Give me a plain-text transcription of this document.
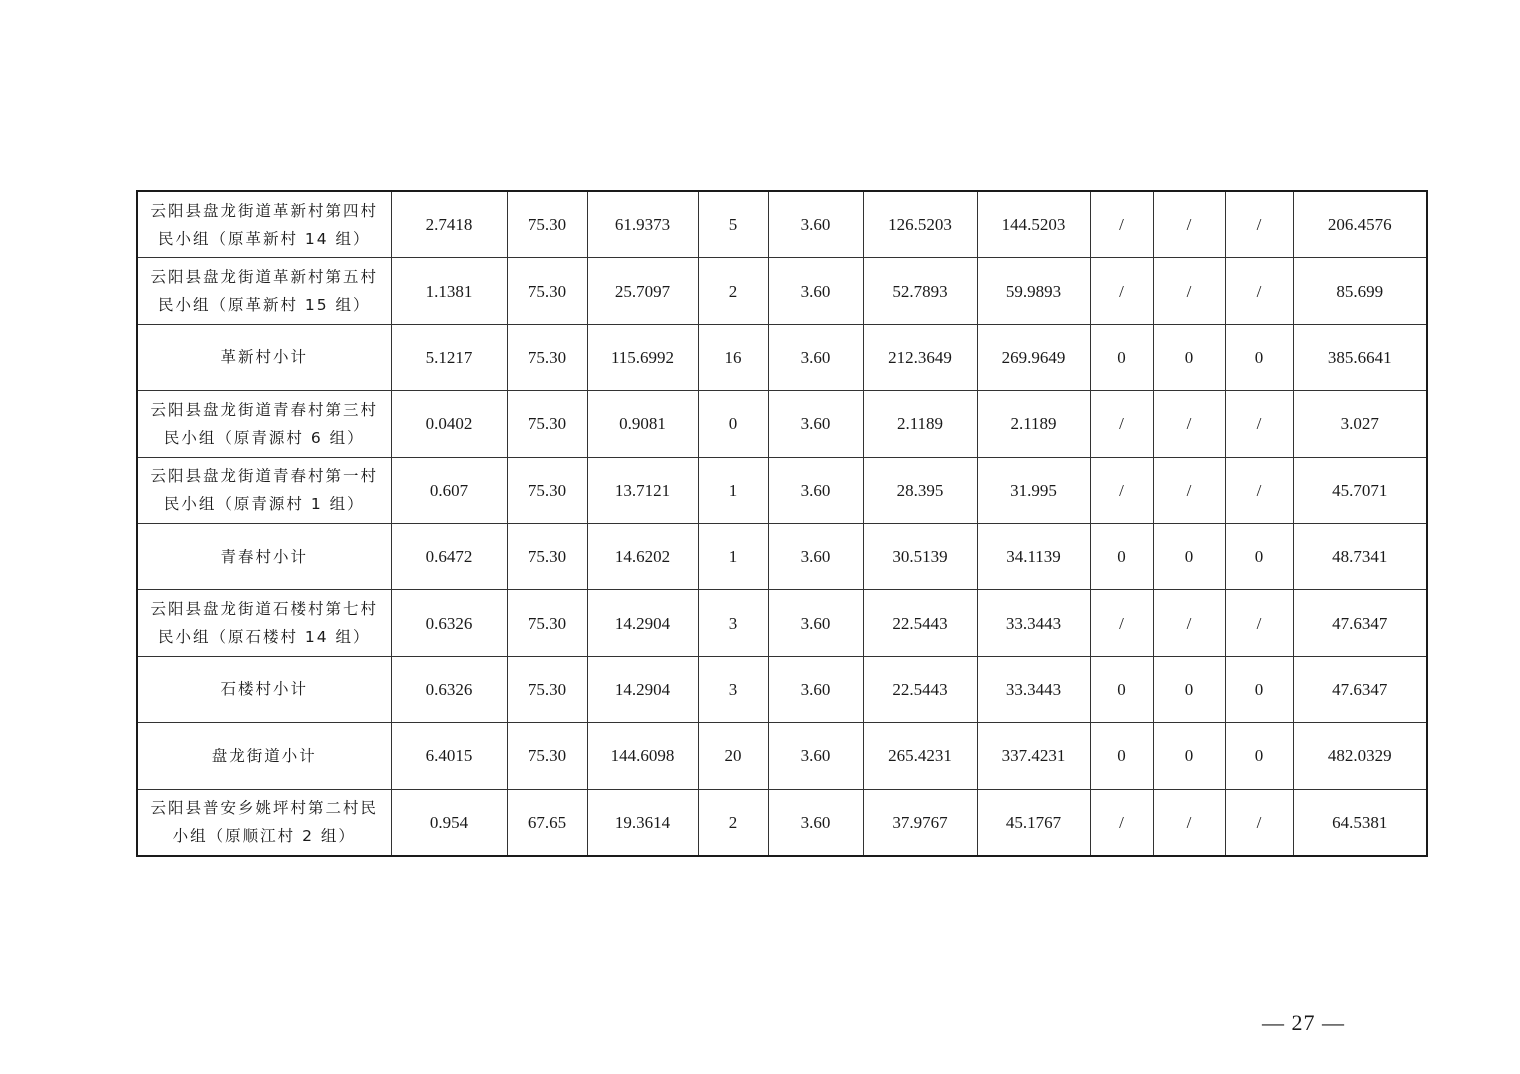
云阳县盘龙街道革新村第四村民小组（原革新村 14 组）	2.7418	75.30	61.9373	5	3.60	126.5203	144.5203	/	/	/	206.4576
云阳县盘龙街道革新村第五村民小组（原革新村 15 组）	1.1381	75.30	25.7097	2	3.60	52.7893	59.9893	/	/	/	85.699
革新村小计	5.1217	75.30	115.6992	16	3.60	212.3649	269.9649	0	0	0	385.6641
云阳县盘龙街道青春村第三村民小组（原青源村 6 组）	0.0402	75.30	0.9081	0	3.60	2.1189	2.1189	/	/	/	3.027
云阳县盘龙街道青春村第一村民小组（原青源村 1 组）	0.607	75.30	13.7121	1	3.60	28.395	31.995	/	/	/	45.7071
青春村小计	0.6472	75.30	14.6202	1	3.60	30.5139	34.1139	0	0	0	48.7341
云阳县盘龙街道石楼村第七村民小组（原石楼村 14 组）	0.6326	75.30	14.2904	3	3.60	22.5443	33.3443	/	/	/	47.6347
石楼村小计	0.6326	75.30	14.2904	3	3.60	22.5443	33.3443	0	0	0	47.6347
盘龙街道小计	6.4015	75.30	144.6098	20	3.60	265.4231	337.4231	0	0	0	482.0329
云阳县普安乡姚坪村第二村民小组（原顺江村 2 组）	0.954	67.65	19.3614	2	3.60	37.9767	45.1767	/	/	/	64.5381
— 27 —
